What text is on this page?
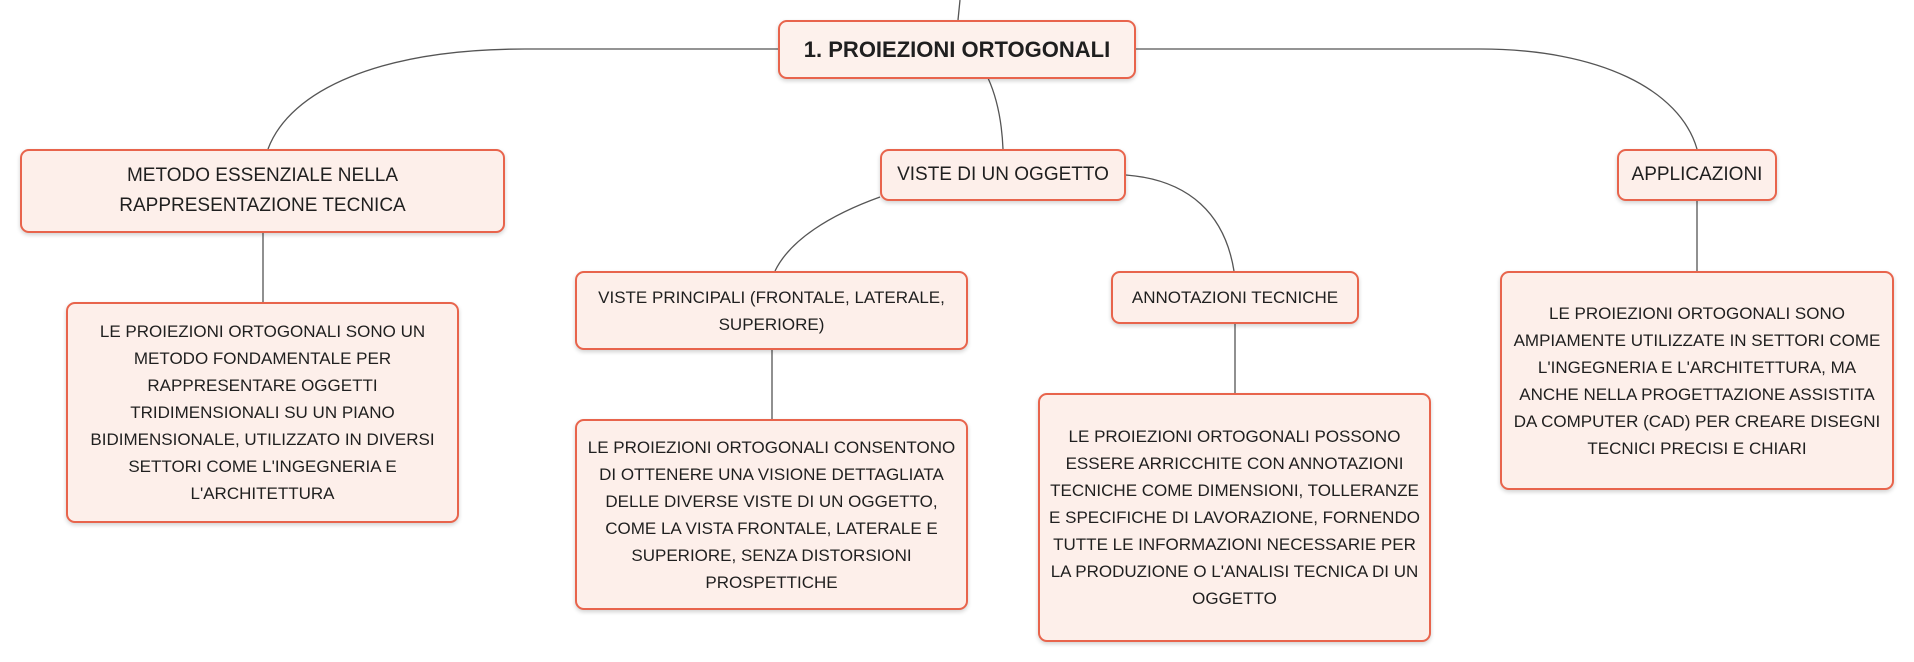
1. PROIEZIONI ORTOGONALI
METODO ESSENZIALE NELLA RAPPRESENTAZIONE TECNICA
VISTE DI UN OGGETTO	APPLICAZIONI
LE PROIEZIONI ORTOGONALI SONO UN METODO FONDAMENTALE PER RAPPRESENTARE OGGETTI TRIDIMENSIONALI SU UN PIANO BIDIMENSIONALE, UTILIZZATO IN DIVERSI SETTORI COME L'INGEGNERIA E L'ARCHITETTURA
VISTE PRINCIPALI (FRONTALE, LATERALE, SUPERIORE)
ANNOTAZIONI TECNICHE
LE PROIEZIONI ORTOGONALI CONSENTONO DI OTTENERE UNA VISIONE DETTAGLIATA DELLE DIVERSE VISTE DI UN OGGETTO, COME LA VISTA FRONTALE, LATERALE E SUPERIORE, SENZA DISTORSIONI PROSPETTICHE
LE PROIEZIONI ORTOGONALI POSSONO ESSERE ARRICCHITE CON ANNOTAZIONI TECNICHE COME DIMENSIONI, TOLLERANZE E SPECIFICHE DI LAVORAZIONE, FORNENDO TUTTE LE INFORMAZIONI NECESSARIE PER LA PRODUZIONE O L'ANALISI TECNICA DI UN OGGETTO
LE PROIEZIONI ORTOGONALI SONO AMPIAMENTE UTILIZZATE IN SETTORI COME L'INGEGNERIA E L'ARCHITETTURA, MA ANCHE NELLA PROGETTAZIONE ASSISTITA DA COMPUTER (CAD) PER CREARE DISEGNI TECNICI PRECISI E CHIARI
